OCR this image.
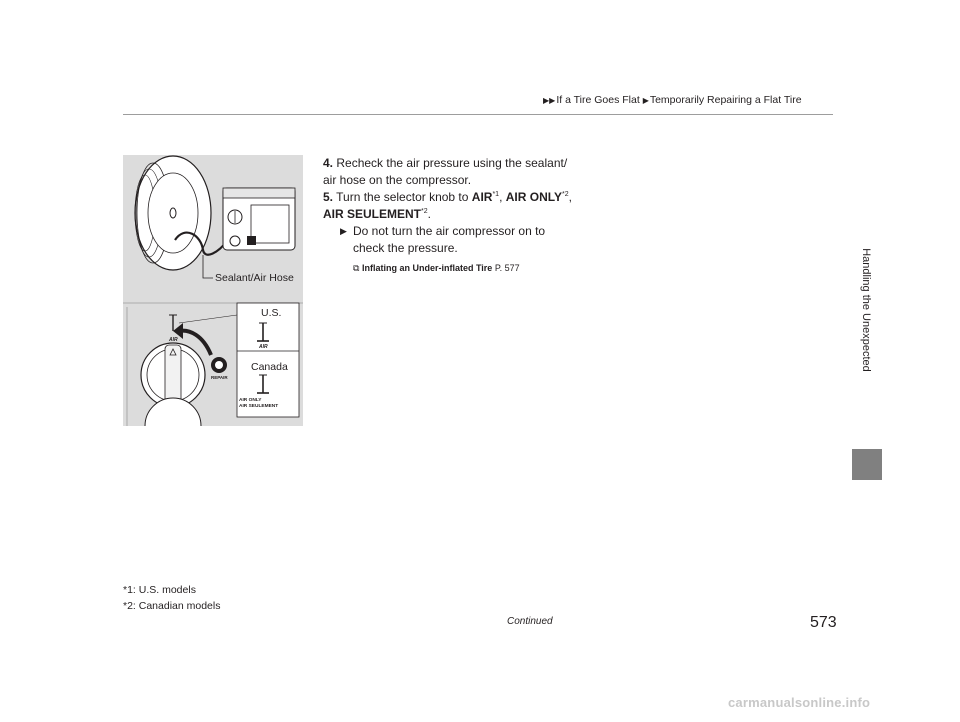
▶▶If a Tire Goes Flat ▶Temporarily Repairing a Flat Tire
Handling the Unexpected
AIR
REPAIR
AIR
AIR ONLY
AIR SEULEMENT
Sealant/Air Hose
U.S.
Canada
4. Recheck the air pressure using the sealant/ air hose on the compressor.
5. Turn the selector knob to AIR$^{*1}$, AIR ONLY$^{*2}$, AIR SEULEMENT$^{*2}$.
▶ Do not turn the air compressor on to check the pressure.
⧉ Inflating an Under-inflated Tire P. 577
*1: U.S. models
*2: Canadian models
Continued	573
carmanualsonline.info
